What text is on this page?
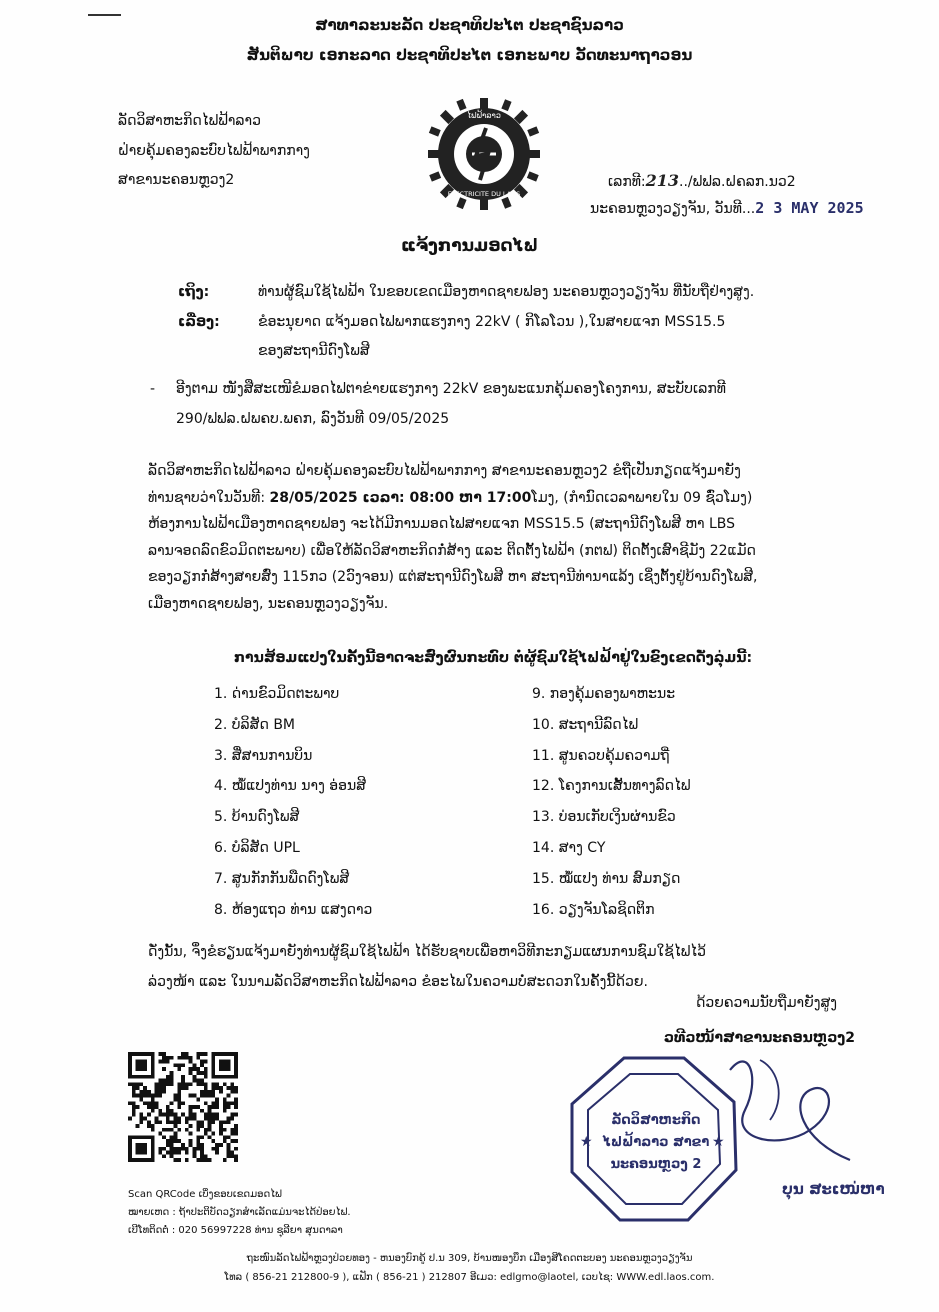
ສາທາລະນະລັດ ປະຊາທິປະໄຕ ປະຊາຊົນລາວ
ສັນຕິພາບ ເອກະລາດ ປະຊາທິປະໄຕ ເອກະພາບ ວັດທະນາຖາວອນ
ລັດວິສາຫະກິດໄຟຟ້າລາວ
ຝ່າຍຄຸ້ມຄອງລະບົບໄຟຟ້າພາກກາງ
ສາຂານະຄອນຫຼວງ2
ໄຟຟ້າລາວ
ELECTRICITE DU LAOS
ເລກທີ:213../ຟຟລ.ຝຄລກ.ນວ2
ນະຄອນຫຼວງວຽງຈັນ, ວັນທີ...2 3 MAY 2025
ແຈ້ງການມອດໄຟ
ເຖິງ:	ທ່ານຜູ້ຊົມໃຊ້ໄຟຟ້າ ໃນຂອບເຂດເມືອງຫາດຊາຍຟອງ ນະຄອນຫຼວງວຽງຈັນ ທີ່ນັບຖືຢ່າງສູງ.
ເລື່ອງ:	ຂໍອະນຸຍາດ ແຈ້ງມອດໄຟພາກແຮງກາງ 22kV ( ກິໂລໂວນ ),ໃນສາຍແຈກ MSS15.5
ຂອງສະຖານີດົງໂພສີ
- ອີງຕາມ ໜັງສືສະເໜີຂໍມອດໄຟຕາຂ່າຍແຮງກາງ 22kV ຂອງພະແນກຄຸ້ມຄອງໂຄງການ, ສະບັບເລກທີ
290/ຟຟລ.ຝພຄບ.ພຄກ, ລົງວັນທີ 09/05/2025
ລັດວິສາຫະກິດໄຟຟ້າລາວ ຝ່າຍຄຸ້ມຄອງລະບົບໄຟຟ້າພາກກາງ ສາຂານະຄອນຫຼວງ2 ຂໍຖືເປັນກຽດແຈ້ງມາຍັງ
ທ່ານຊາບວ່າໃນວັນທີ: 28/05/2025 ເວລາ: 08:00 ຫາ 17:00ໂມງ, (ກຳນົດເວລາພາຍໃນ 09 ຊົ່ວໂມງ)
ຫ້ອງການໄຟຟ້າເມືອງຫາດຊາຍຟອງ ຈະໄດ້ມີການມອດໄຟສາຍແຈກ MSS15.5 (ສະຖານີດົງໂພສີ ຫາ LBS
ລານຈອດລົດຂົວມິດຕະພາບ) ເພື່ອໃຫ້ລັດວິສາຫະກິດກໍ່ສ້າງ ແລະ ຕິດຕັ້ງໄຟຟ້າ (ກຕຟ) ຕິດຕັ້ງເສົາຊີມັງ 22ແມັດ
ຂອງວຽກກໍ່ສ້າງສາຍສົ່ງ 115ກວ (2ວົງຈອນ) ແຕ່ສະຖານີດົງໂພສີ ຫາ ສະຖານີທ່ານາແລ້ງ ເຊິ່ງຕັ້ງຢູ່ບ້ານດົງໂພສີ,
ເມືອງຫາດຊາຍຟອງ, ນະຄອນຫຼວງວຽງຈັນ.
ການສ້ອມແປງໃນຄັ້ງນີ້ອາດຈະສົ່ງຜົນກະທົບ ຕໍ່ຜູ້ຊົມໃຊ້ໄຟຟ້າຢູ່ໃນຂົງເຂດດັ່ງລຸ່ມນີ້:
1. ດ່ານຂົວມິດຕະພາບ
2. ບໍລິສັດ BM
3. ສື່ສານການບິນ
4. ໝໍ້ແປງທ່ານ ນາງ ອ່ອນສີ
5. ບ້ານດົງໂພສີ
6. ບໍລິສັດ UPL
7. ສູນກັກກັນພືດດົງໂພສີ
8. ຫ້ອງແຖວ ທ່ານ ແສງດາວ
9. ກອງຄຸ້ມຄອງພາຫະນະ
10. ສະຖານີລົດໄຟ
11. ສູນຄວບຄຸ້ມຄວາມຖີ່
12. ໂຄງການເສັ້ນທາງລົດໄຟ
13. ບ່ອນເກັບເງິນຜ່ານຂົວ
14. ສາງ CY
15. ໝໍ້ແປງ ທ່ານ ສົມກຽດ
16. ວຽງຈັນໂລຊິດຕິກ
ດັ່ງນັ້ນ, ຈຶ່ງຂໍຮຽນແຈ້ງມາຍັງທ່ານຜູ້ຊົມໃຊ້ໄຟຟ້າ ໄດ້ຮັບຊາບເພື່ອຫາວິທີກະກຽມແຜນການຊົມໃຊ້ໄຟໄວ້
ລ່ວງໜ້າ ແລະ ໃນນາມລັດວິສາຫະກິດໄຟຟ້າລາວ ຂໍອະໄພໃນຄວາມບໍ່ສະດວກໃນຄັ້ງນີ້ດ້ວຍ.
ດ້ວຍຄວາມນັບຖືມາຍັງສູງ
ວທີວໜ້າສາຂານະຄອນຫຼວງ2
ລັດວິສາຫະກິດ
ໄຟຟ້າລາວ ສາຂາ
ນະຄອນຫຼວງ 2
★	★
ບຸນ ສະເໜ່ຫາ
Scan QRCode ເບິ່ງຂອບເຂດມອດໄຟ
ໝາຍເຫດ : ຖ້າປະຕິບັດວຽກສຳເລັດແມ່ນຈະໄດ້ປ່ອຍໄຟ.
ເບີໂທຕິດຕໍ່ : 020 56997228 ທ່ານ ຊຸລີຍາ ສຸນດາລາ
ຖະໜົນລັດໄຟຟ້າຫຼວງປ່ວຍທອງ - ຫນອງບົກຄູ້ ປ.ນ 309, ບ້ານໜອງບຶກ ເມືອງສີໂຄດຕະບອງ ນະຄອນຫຼວງວຽງຈັນ
ໂທລ ( 856-21 212800-9 ), ແຟັກ ( 856-21 ) 212807 ອີເມວ: edlgmo@laotel, ເວບໄຊ: WWW.edl.laos.com.
